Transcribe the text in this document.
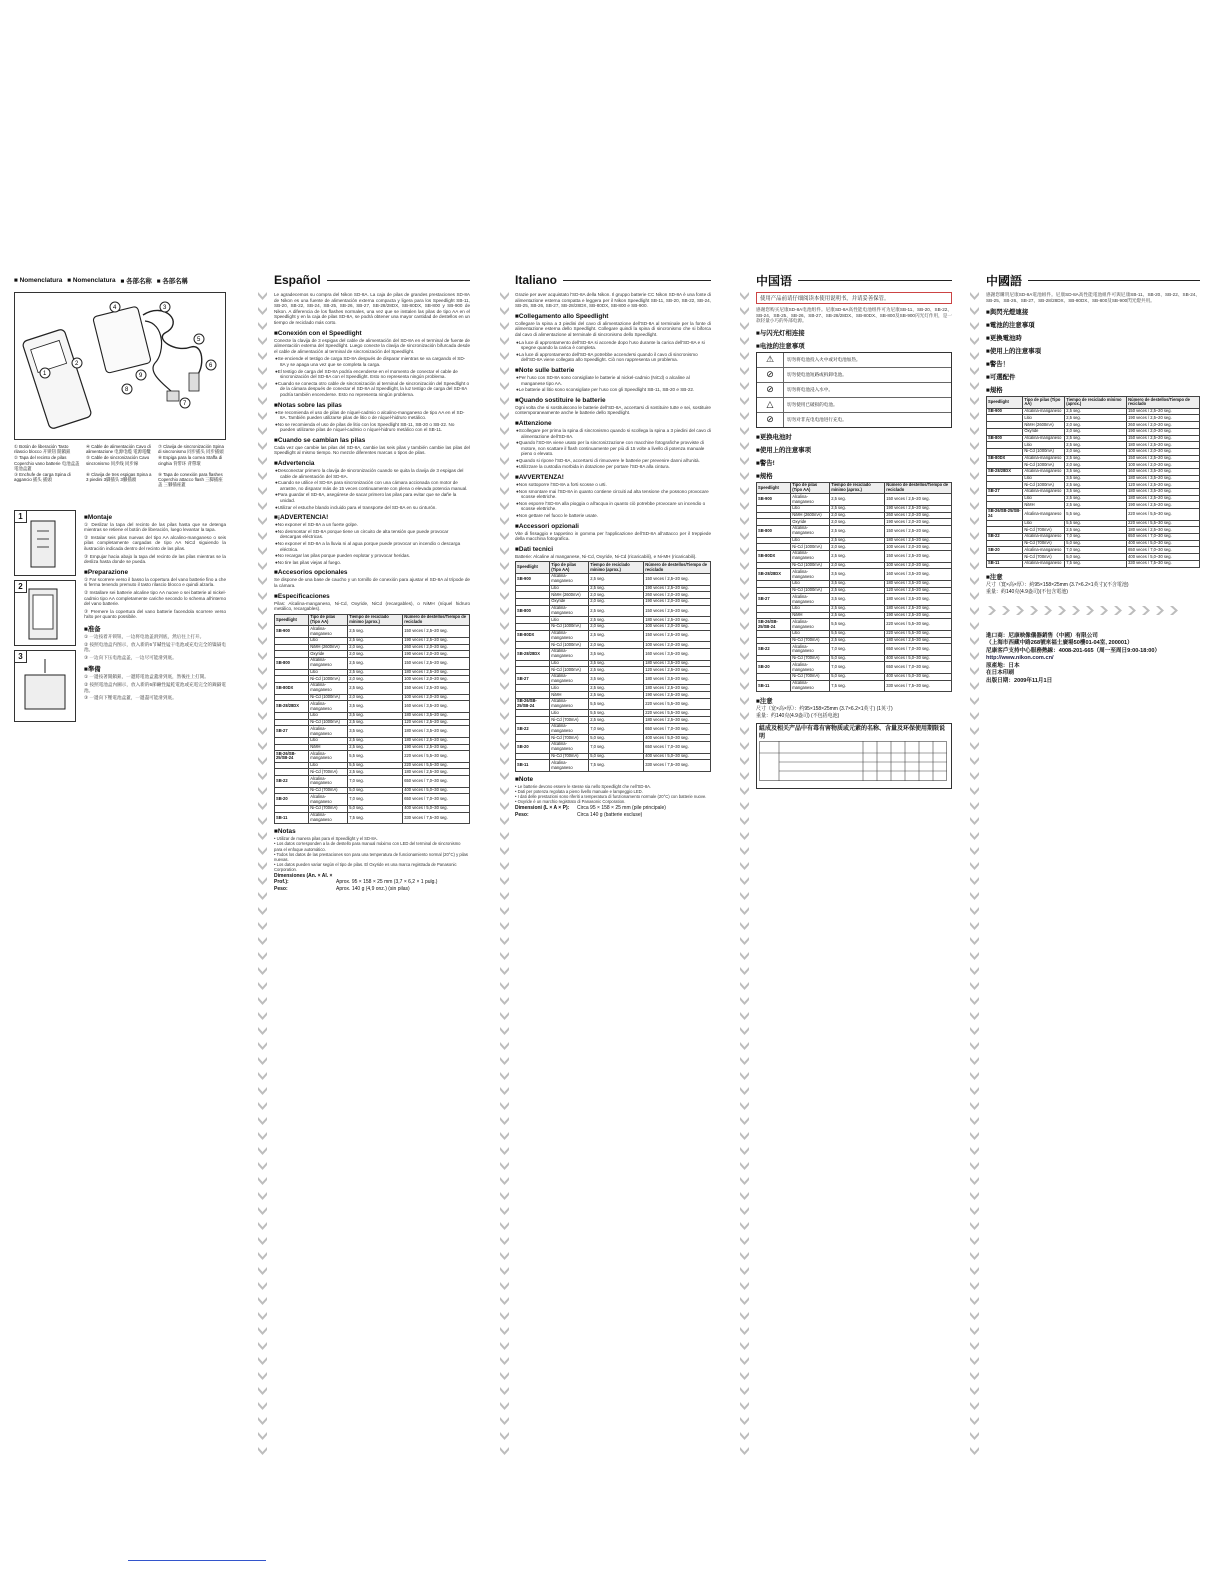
■ Nomenclatura ■ Nomenclatura ■ 各部名称 ■ 各部名稱
1
2
8
9
5
6
7
3
4
① Botón de liberación Tasto rilascio blocco 开锁钮 開鎖鈕
④ Cable de alimentación Cavo di alimentazione 电源电缆 電源電纜
⑦ Clavija de sincronización Spina di sincronismo 同步插头 同步插頭
② Tapa del recinto de pilas Coperchio vano batterie 电池盒盖 電池盒蓋
⑤ Cable de sincronización Cavo sincronismo 同步线 同步線
⑧ Espiga para la correa Staffa di cinghia 背带环 背帶環
③ Enchufe de carga Spina di aggancio 插头 插頭
⑥ Clavija de tres espigas Spina a 3 piedini 3脚插头 3腳插頭
⑨ Tapa de conexión para flashes Coperchio attacco flash 三脚插座盖 三腳插座蓋
1
2
3
■ Montaje

① Deslizar la tapa del recinto de las pilas hasta que se detenga mientras se retiene el botón de liberación, luego levantar la tapa.

② Instalar seis pilas nuevas del tipo AA alcalino-manganeso o seis pilas completamente cargadas de tipo AA NiCd siguiendo la ilustración indicada dentro del recinto de las pilas.

③ Empujar hacia abajo la tapa del recinto de las pilas mientras se la desliza hasta donde se pueda.

■ Preparazione

① Far scorrere verso il basso la copertura del vano batterie fino a che si ferma tenendo premuto il tasto rilascio blocco e quindi alzarla.

② Installare sei batterie alcaline tipo AA nuove o sei batterie al nickel-cadmio tipo AA completamente cariche secondo lo schema all'interno del vano batterie.

③ Premere la copertura del vano batterie facendola scorrere verso l'alto per quanto possibile.

■ 准备

① 一边按着开锁钮，一边将电池盖滑到底，然后往上打开。

② 按照电池盒内图示，放入新的6节碱性锰干电池或充电完全的镍镉电池。

③ 一边向下压电池盒盖，一边尽可能滑到底。

■ 準備

① 一邊按著開鎖鈕，一邊將電池盒蓋滑到底，然後往上打開。

② 按照電池盒內圖示，放入新的6節鹼性錳乾電池或充電完全的鎳鎘電池。

③ 一邊向下壓電池盒蓋，一邊盡可能滑到底。

Español

Le agradecemos su compra del Nikon SD-8A. La caja de pilas de grandes prestaciones SD-8A de Nikon es una fuente de alimentación externa compacta y ligera para los Speedlight SB-11, SB-20, SB-22, SB-24, SB-25, SB-26, SB-27, SB-28/28DX, SB-80DX, SB-800 y SB-900 de Nikon. A diferencia de los flashes normales, una vez que se instalen las pilas de tipo AA en el Speedlight y en la caja de pilas SD-8A, se podrá obtener una mayor cantidad de destellos en un tiempo de reciclado más corto.

■ Conexión con el Speedlight

Conecte la clavija de 3 espigas del cable de alimentación del SD-8A en el terminal de fuente de alimentación externa del Speedlight. Luego conecte la clavija de sincronización bifurcada desde el cable de alimentación al terminal de sincronización del Speedlight.

● Se enciende el testigo de carga SD-8A después de disparar mientras se va cargando el SD-8A y se apaga una vez que se completa la carga.

● El testigo de carga del SD-8A podría encenderse en el momento de conectar el cable de sincronización del SD-8A con el Speedlight. Esto no representa ningún problema.

● Cuando se conecta otro cable de sincronización al terminal de sincronización del Speedlight o de la cámara después de conectar el SD-8A al Speedlight, la luz testigo de carga del SD-8A podría también encenderse. Esto no representa ningún problema.

■ Notas sobre las pilas

● Se recomienda el uso de pilas de níquel-cadmio o alcalino-manganeso de tipo AA en el SD-8A. También pueden utilizarse pilas de litio o de níquel-hidruro metálico.

● No se recomienda el uso de pilas de litio con los Speedlight SB-11, SB-20 o SB-22. No pueden utilizarse pilas de níquel-cadmio o níquel-hidruro metálico con el SB-11.

■ Cuando se cambian las pilas

Cada vez que cambie las pilas del SD-8A, cambie las seis pilas y también cambie las pilas del Speedlight al mismo tiempo. No mezcle diferentes marcas o tipos de pilas.

■ Advertencia

● Desconectar primero la clavija de sincronización cuando se quita la clavija de 3 espigas del cable de alimentación del SD-8A.

● Cuando se utilice el SD-8A para sincronización con una cámara accionada con motor de arrastre, no disparar más de 15 veces continuamente con plena o elevada potencia manual.

● Para guardar el SD-8A, asegúrese de sacar primero las pilas para evitar que se dañe la unidad.

● Utilizar el estuche blando incluido para el transporte del SD-8A en su cinturón.

■ ¡ADVERTENCIA!

● No exponer el SD-8A a un fuerte golpe.

● No desmontar el SD-8A porque tiene un circuito de alta tensión que puede provocar descargas eléctricas.

● No exponer el SD-8A a la lluvia ni al agua porque puede provocar un incendio o descarga eléctrica.

● No recargar las pilas porque pueden explotar y provocar heridas.

● No tire las pilas viejas al fuego.

■ Accesorios opcionales

Se dispone de una base de caucho y un tornillo de conexión para ajustar el SD-8A al trípode de la cámara.

■ Especificaciones

Pilas: Alcalina-manganeso, Ni-Cd, Oxyride, NiCd (recargables), o NiMH (níquel hidruro metálico, recargables).

Speedlight	Tipo de pilas (Tipo AA)	Tiempo de reciclado mínimo (aprox.)	Número de destellos/Tiempo de reciclado
SB-900	Alcalina-manganeso	2,5 seg.	150 veces / 2,5–20 seg.
	Litio	2,5 seg.	190 veces / 2,5–20 seg.
	NiMH (2600mA)	2,0 seg.	260 veces / 2,0–20 seg.
	Oxyride	2,0 seg.	190 veces / 2,0–20 seg.
SB-800	Alcalina-manganeso	2,5 seg.	150 veces / 2,5–20 seg.
	Litio	2,5 seg.	180 veces / 2,5–20 seg.
	Ni-Cd (1000mA)	2,0 seg.	100 veces / 2,0–20 seg.
SB-80DX	Alcalina-manganeso	2,5 seg.	150 veces / 2,5–20 seg.
	Ni-Cd (1000mA)	2,0 seg.	100 veces / 2,0–20 seg.
SB-28/28DX	Alcalina-manganeso	3,5 seg.	160 veces / 3,5–20 seg.
	Litio	3,5 seg.	180 veces / 3,5–20 seg.
	Ni-Cd (1000mA)	2,5 seg.	120 veces / 2,5–20 seg.
SB-27	Alcalina-manganeso	3,5 seg.	180 veces / 3,5–20 seg.
	Litio	2,5 seg.	180 veces / 2,5–20 seg.
	NiMH	2,5 seg.	190 veces / 2,5–20 seg.
SB-26/SB-25/SB-24	Alcalina-manganeso	5,5 seg.	220 veces / 5,5–30 seg.
	Litio	5,5 seg.	220 veces / 5,5–30 seg.
	Ni-Cd (700mA)	2,5 seg.	180 veces / 2,5–30 seg.
SB-22	Alcalina-manganeso	7,0 seg.	650 veces / 7,0–30 seg.
	Ni-Cd (700mA)	5,0 seg.	400 veces / 5,0–30 seg.
SB-20	Alcalina-manganeso	7,0 seg.	650 veces / 7,0–30 seg.
	Ni-Cd (700mA)	5,0 seg.	400 veces / 5,0–30 seg.
SB-11	Alcalina-manganeso	7,5 seg.	330 veces / 7,5–30 seg.
■ Notas

• Utilizar de manera pilas para el Speedlight y el SD-8A.

• Los datos corresponden a la de destello para manual máximo con LED del terminal de sincronismo para el enfoque automático.

• Todos los datos de las prestaciones son para una temperatura de funcionamiento normal (20°C) y pilas nuevas.

• Los datos pueden variar según el tipo de pilas. El Oxyride es una marca registrada de Panasonic Corporation.

Dimensiones (An. × Al. × Prof.):	Aprox. 95 × 158 × 25 mm (3,7 × 6,2 × 1 pulg.)

Peso:	Aprox. 140 g (4,9 onz.) (sin pilas)

Italiano

Grazie per aver acquistato l'SD-8A della Nikon. Il gruppo batterie CC Nikon SD-8A è una fonte di alimentazione esterna compatta e leggera per il Nikon Speedlight SB-11, SB-20, SB-22, SB-24, SB-25, SB-26, SB-27, SB-28/28DX, SB-80DX, SB-800 e SB-900.

■ Collegamento allo Speedlight

Collegare la spina a 3 piedini del cavo di alimentazione dell'SD-8A al terminale per la fonte di alimentazione esterna dello Speedlight. Collegare quindi la spina di sincronismo che si biforca dal cavo di alimentazione al terminale di sincronismo dello Speedlight.

● La luce di approntamento dell'SD-8A si accende dopo l'uso durante la carica dell'SD-8A e si spegne quando la carica è completa.

● La luce di approntamento dell'SD-8A potrebbe accendersi quando il cavo di sincronismo dell'SD-8A viene collegato allo Speedlight. Ciò non rappresenta un problema.

■ Note sulle batterie

● Per l'uso con SD-8A sono consigliate le batterie al nickel-cadmio (NiCd) o alcaline al manganese tipo AA.

● Le batterie al litio sono sconsigliate per l'uso con gli Speedlight SB-11, SB-20 e SB-22.

■ Quando sostituire le batterie

Ogni volta che si sostituiscono le batterie dell'SD-8A, accertarsi di sostituire tutte e sei, sostituire contemporaneamente anche le batterie dello Speedlight.

■ Attenzione

● Scollegare per prima la spina di sincronismo quando si scollega la spina a 3 piedini del cavo di alimentazione dell'SD-8A.

● Quando l'SD-8A viene usato per la sincronizzazione con macchine fotografiche provviste di motore, non scattare il flash continuamente per più di 15 volte a livello di potenza manuale pieno o elevato.

● Quando si ripone l'SD-8A, accertarsi di rimuovere le batterie per prevenire danni all'unità.

● Utilizzare la custodia morbida in dotazione per portare l'SD-8A alla cintura.

■ AVVERTENZA!

● Non sottoporre l'SD-8A a forti scosse o urti.

● Non smontare mai l'SD-8A in quanto contiene circuiti ad alta tensione che possono provocare scosse elettriche.

● Non esporre l'SD-8A alla pioggia o all'acqua in quanto ciò potrebbe provocare un incendio o scosse elettriche.

● Non gettare nel fuoco le batterie usate.

■ Accessori opzionali

Vite di fissaggio e tappetino in gomma per l'applicazione dell'SD-8A all'attacco per il treppiede della macchina fotografica.

■ Dati tecnici

Batterie: Alcaline al manganese, Ni-Cd, Oxyride, Ni-Cd (ricaricabili), e Ni-MH (ricaricabili).

Speedlight	Tipo de pilas (Tipo AA)	Tiempo de reciclado mínimo (aprox.)	Número de destellos/Tiempo de reciclado
SB-900	Alcalina-manganeso	2,5 seg.	150 veces / 2,5–20 seg.
	Litio	2,5 seg.	190 veces / 2,5–20 seg.
	NiMH (2600mA)	2,0 seg.	260 veces / 2,0–20 seg.
	Oxyride	2,0 seg.	190 veces / 2,0–20 seg.
SB-800	Alcalina-manganeso	2,5 seg.	150 veces / 2,5–20 seg.
	Litio	2,5 seg.	180 veces / 2,5–20 seg.
	Ni-Cd (1000mA)	2,0 seg.	100 veces / 2,0–20 seg.
SB-80DX	Alcalina-manganeso	2,5 seg.	150 veces / 2,5–20 seg.
	Ni-Cd (1000mA)	2,0 seg.	100 veces / 2,0–20 seg.
SB-28/28DX	Alcalina-manganeso	3,5 seg.	160 veces / 3,5–20 seg.
	Litio	3,5 seg.	180 veces / 3,5–20 seg.
	Ni-Cd (1000mA)	2,5 seg.	120 veces / 2,5–20 seg.
SB-27	Alcalina-manganeso	3,5 seg.	180 veces / 3,5–20 seg.
	Litio	2,5 seg.	180 veces / 2,5–20 seg.
	NiMH	2,5 seg.	190 veces / 2,5–20 seg.
SB-26/SB-25/SB-24	Alcalina-manganeso	5,5 seg.	220 veces / 5,5–30 seg.
	Litio	5,5 seg.	220 veces / 5,5–30 seg.
	Ni-Cd (700mA)	2,5 seg.	180 veces / 2,5–30 seg.
SB-22	Alcalina-manganeso	7,0 seg.	650 veces / 7,0–30 seg.
	Ni-Cd (700mA)	5,0 seg.	400 veces / 5,0–30 seg.
SB-20	Alcalina-manganeso	7,0 seg.	650 veces / 7,0–30 seg.
	Ni-Cd (700mA)	5,0 seg.	400 veces / 5,0–30 seg.
SB-11	Alcalina-manganeso	7,5 seg.	330 veces / 7,5–30 seg.
■ Note

• Le batterie devono essere le stesse sia nello Speedlight che nell'SD-8A.

• Dati per potenza regolata a pieno livello manuale e lampeggio LED.

• I dati delle prestazioni sono riferiti a temperatura di funzionamento normale (20°C) con batterie nuove.

• Oxyride è un marchio registrato di Panasonic Corporation.

Dimensioni (L × A × P): Circa 95 × 158 × 25 mm (pile principale)

Peso:	Circa 140 g (batterie escluse)

中国语
使用产品前请仔细阅读本使用说明书，并请妥善保管。

感谢您购买尼康SD-8A电池组件。尼康SD-8A高性能电池组件可为尼康SB-11、SB-20、SB-22、SB-24、SB-25、SB-26、SB-27、SB-28/28DX、SB-80DX、SB-800及SB-900闪光灯作用，是一款轻量小巧的外部电源。

■ 与闪光灯相连接
■ 电池的注意事项
⚠	切勿将电池投入火中或对电池加热。
⊘	切勿使电池短路或拆卸电池。
⊘	切勿将电池浸入水中。
△	切勿使用已破损的电池。
⊘	切勿对非充电电池进行充电。
■ 更换电池时
■ 使用上的注意事项
■ 警告!
■ 规格
Speedlight	Tipo de pilas (Tipo AA)	Tiempo de reciclado mínimo (aprox.)	Número de destellos/Tiempo de reciclado
SB-900	Alcalina-manganeso	2,5 seg.	150 veces / 2,5–20 seg.
	Litio	2,5 seg.	190 veces / 2,5–20 seg.
	NiMH (2600mA)	2,0 seg.	260 veces / 2,0–20 seg.
	Oxyride	2,0 seg.	190 veces / 2,0–20 seg.
SB-800	Alcalina-manganeso	2,5 seg.	150 veces / 2,5–20 seg.
	Litio	2,5 seg.	180 veces / 2,5–20 seg.
	Ni-Cd (1000mA)	2,0 seg.	100 veces / 2,0–20 seg.
SB-80DX	Alcalina-manganeso	2,5 seg.	150 veces / 2,5–20 seg.
	Ni-Cd (1000mA)	2,0 seg.	100 veces / 2,0–20 seg.
SB-28/28DX	Alcalina-manganeso	3,5 seg.	160 veces / 3,5–20 seg.
	Litio	3,5 seg.	180 veces / 3,5–20 seg.
	Ni-Cd (1000mA)	2,5 seg.	120 veces / 2,5–20 seg.
SB-27	Alcalina-manganeso	3,5 seg.	180 veces / 3,5–20 seg.
	Litio	2,5 seg.	180 veces / 2,5–20 seg.
	NiMH	2,5 seg.	190 veces / 2,5–20 seg.
SB-26/SB-25/SB-24	Alcalina-manganeso	5,5 seg.	220 veces / 5,5–30 seg.
	Litio	5,5 seg.	220 veces / 5,5–30 seg.
	Ni-Cd (700mA)	2,5 seg.	180 veces / 2,5–30 seg.
SB-22	Alcalina-manganeso	7,0 seg.	650 veces / 7,0–30 seg.
	Ni-Cd (700mA)	5,0 seg.	400 veces / 5,0–30 seg.
SB-20	Alcalina-manganeso	7,0 seg.	650 veces / 7,0–30 seg.
	Ni-Cd (700mA)	5,0 seg.	400 veces / 5,0–30 seg.
SB-11	Alcalina-manganeso	7,5 seg.	330 veces / 7,5–30 seg.
■ 注意

尺寸（宽×高×厚）：约95×158×25mm (3.7×6.2×1英寸) (1英寸)

重量：约140克(4.9盎司) (不包括电池)

組成及相关产品中有毒有害物质或元素的名称、含量及环保使用期限说明
中國語

感謝您購買尼康SD-8A電池組件。尼康SD-8A高性能電池組件可與尼康SB-11、SB-20、SB-22、SB-24、SB-25、SB-26、SB-27、SB-28/28DX、SB-80DX、SB-800及SB-900閃光燈共用。

■ 與閃光燈連接
■ 電池的注意事項
■ 更換電池時
■ 使用上的注意事項
■ 警告！
■ 可選配件
■ 規格
Speedlight	Tipo de pilas (Tipo AA)	Tiempo de reciclado mínimo (aprox.)	Número de destellos/Tiempo de reciclado
SB-900	Alcalina-manganeso	2,5 seg.	150 veces / 2,5–20 seg.
	Litio	2,5 seg.	190 veces / 2,5–20 seg.
	NiMH (2600mA)	2,0 seg.	260 veces / 2,0–20 seg.
	Oxyride	2,0 seg.	190 veces / 2,0–20 seg.
SB-800	Alcalina-manganeso	2,5 seg.	150 veces / 2,5–20 seg.
	Litio	2,5 seg.	180 veces / 2,5–20 seg.
	Ni-Cd (1000mA)	2,0 seg.	100 veces / 2,0–20 seg.
SB-80DX	Alcalina-manganeso	2,5 seg.	150 veces / 2,5–20 seg.
	Ni-Cd (1000mA)	2,0 seg.	100 veces / 2,0–20 seg.
SB-28/28DX	Alcalina-manganeso	3,5 seg.	160 veces / 3,5–20 seg.
	Litio	3,5 seg.	180 veces / 3,5–20 seg.
	Ni-Cd (1000mA)	2,5 seg.	120 veces / 2,5–20 seg.
SB-27	Alcalina-manganeso	3,5 seg.	180 veces / 3,5–20 seg.
	Litio	2,5 seg.	180 veces / 2,5–20 seg.
	NiMH	2,5 seg.	190 veces / 2,5–20 seg.
SB-26/SB-25/SB-24	Alcalina-manganeso	5,5 seg.	220 veces / 5,5–30 seg.
	Litio	5,5 seg.	220 veces / 5,5–30 seg.
	Ni-Cd (700mA)	2,5 seg.	180 veces / 2,5–30 seg.
SB-22	Alcalina-manganeso	7,0 seg.	650 veces / 7,0–30 seg.
	Ni-Cd (700mA)	5,0 seg.	400 veces / 5,0–30 seg.
SB-20	Alcalina-manganeso	7,0 seg.	650 veces / 7,0–30 seg.
	Ni-Cd (700mA)	5,0 seg.	400 veces / 5,0–30 seg.
SB-11	Alcalina-manganeso	7,5 seg.	330 veces / 7,5–30 seg.
■ 注意

尺寸（寬×高×厚）：約95×158×25mm (3.7×6.2×1英寸)(不含電池)

重量：約140克(4.9盎司)(不包含電池)

進口商：尼康映像儀器銷售（中國）有限公司

（上海市西藏中路268號來福士廣場50樓01-04室, 200001）

尼康客戶支持中心服務熱線：4008-201-665（周一至周日9:00-18:00）

http://www.nikon.com.cn/

原產地：日本

在日本印刷

出版日期：2009年11月1日
